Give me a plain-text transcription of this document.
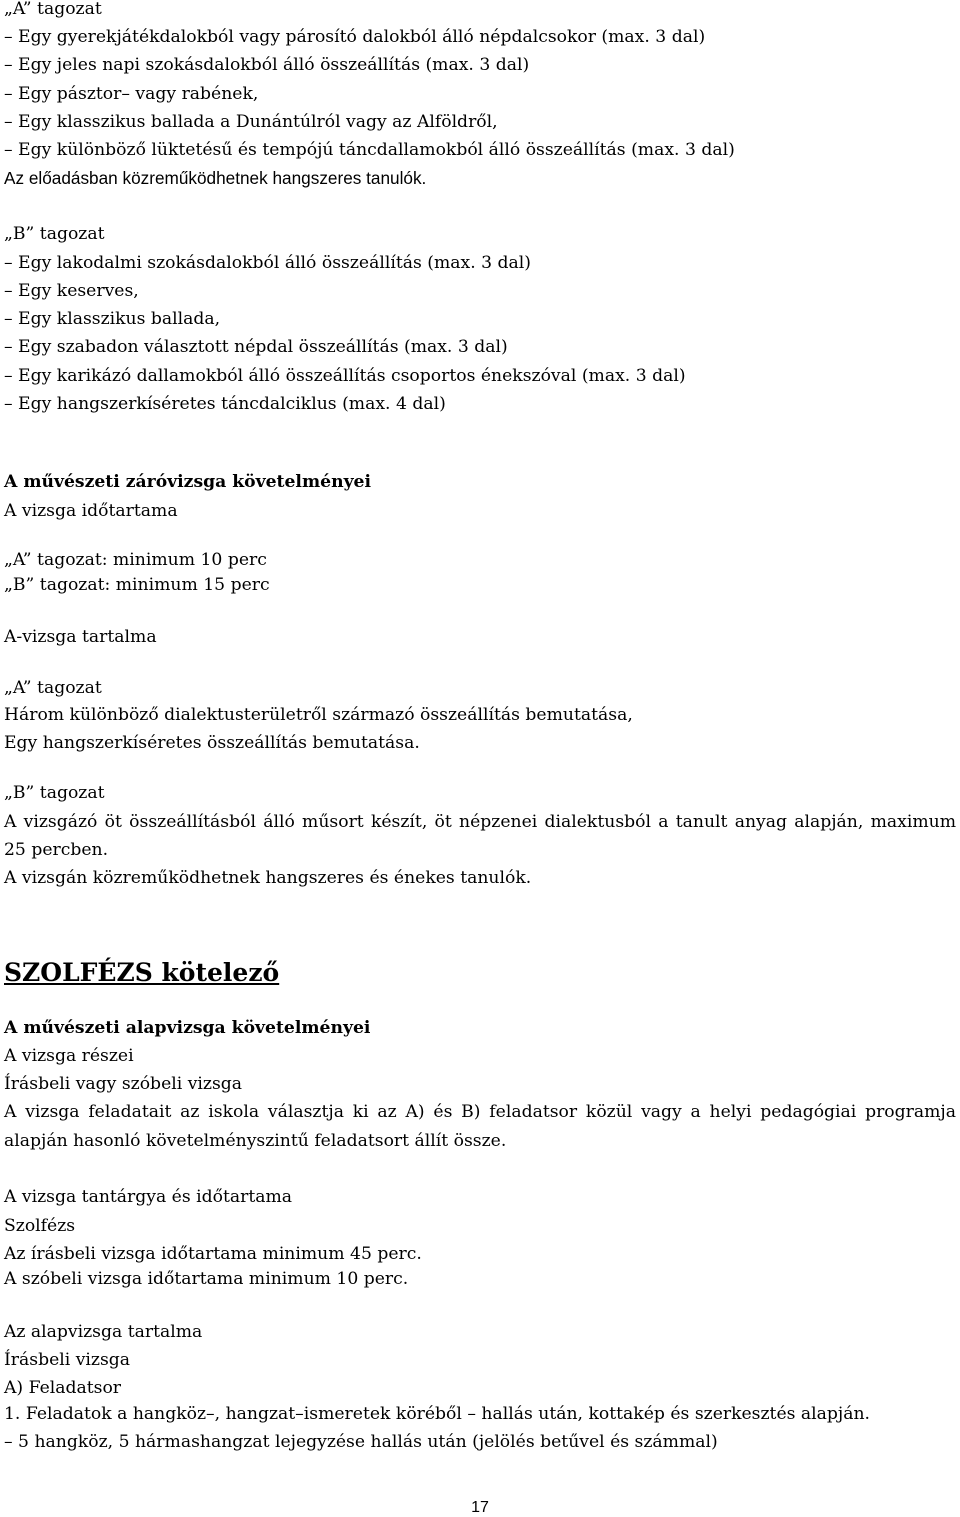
„A” tagozat
– Egy gyerekjátékdalokból vagy párosító dalokból álló népdalcsokor (max. 3 dal)
– Egy jeles napi szokásdalokból álló összeállítás (max. 3 dal)
– Egy pásztor– vagy rabének,
– Egy klasszikus ballada a Dunántúlról vagy az Alföldről,
– Egy különböző lüktetésű és tempójú táncdallamokból álló összeállítás (max. 3 dal)
Az előadásban közreműködhetnek hangszeres tanulók.
„B” tagozat
– Egy lakodalmi szokásdalokból álló összeállítás (max. 3 dal)
– Egy keserves,
– Egy klasszikus ballada,
– Egy szabadon választott népdal összeállítás (max. 3 dal)
– Egy karikázó dallamokból álló összeállítás csoportos énekszóval (max. 3 dal)
– Egy hangszerkíséretes táncdalciklus (max. 4 dal)
A művészeti záróvizsga követelményei
A vizsga időtartama
„A” tagozat: minimum 10 perc
„B” tagozat: minimum 15 perc
A-vizsga tartalma
„A” tagozat
Három különböző dialektusterületről származó összeállítás bemutatása,
Egy hangszerkíséretes összeállítás bemutatása.
„B” tagozat
A vizsgázó öt összeállításból álló műsort készít, öt népzenei dialektusból a tanult anyag alapján, maximum
25 percben.
A vizsgán közreműködhetnek hangszeres és énekes tanulók.
SZOLFÉZS kötelező
A művészeti alapvizsga követelményei
A vizsga részei
Írásbeli vagy szóbeli vizsga
A vizsga feladatait az iskola választja ki az A) és B) feladatsor közül vagy a helyi pedagógiai programja
alapján hasonló követelményszintű feladatsort állít össze.
A vizsga tantárgya és időtartama
Szolfézs
Az írásbeli vizsga időtartama minimum 45 perc.
A szóbeli vizsga időtartama minimum 10 perc.
Az alapvizsga tartalma
Írásbeli vizsga
A) Feladatsor
1. Feladatok a hangköz–, hangzat–ismeretek köréből – hallás után, kottakép és szerkesztés alapján.
– 5 hangköz, 5 hármashangzat lejegyzése hallás után (jelölés betűvel és számmal)
17
